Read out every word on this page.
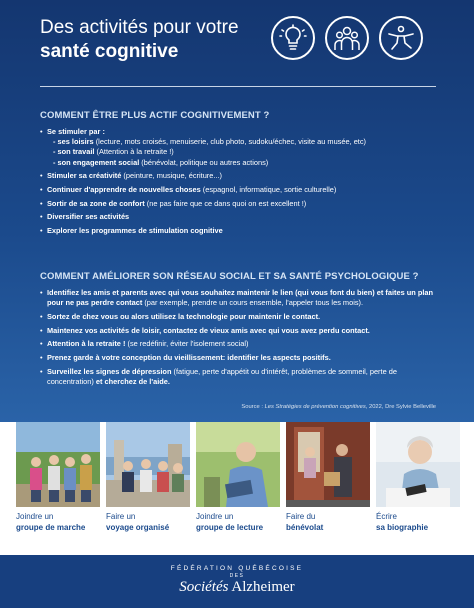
Des activités pour votre
santé cognitive
COMMENT ÊTRE PLUS ACTIF COGNITIVEMENT ?
• Se stimuler par :
- ses loisirs (lecture, mots croisés, menuiserie, club photo, sudoku/échec, visite au musée, etc)
- son travail (Attention à la retraite !)
- son engagement social (bénévolat, politique ou autres actions)
• Stimuler sa créativité (peinture, musique, écriture...)
• Continuer d'apprendre de nouvelles choses (espagnol, informatique, sortie culturelle)
• Sortir de sa zone de confort (ne pas faire que ce dans quoi on est excellent !)
• Diversifier ses activités
• Explorer les programmes de stimulation cognitive
COMMENT AMÉLIORER SON RÉSEAU SOCIAL ET SA SANTÉ PSYCHOLOGIQUE ?
• Identifiez les amis et parents avec qui vous souhaitez maintenir le lien (qui vous font du bien) et faites un plan pour ne pas perdre contact (par exemple, prendre un cours ensemble, l'appeler tous les mois).
• Sortez de chez vous ou alors utilisez la technologie pour maintenir le contact.
• Maintenez vos activités de loisir, contactez de vieux amis avec qui vous avez perdu contact.
• Attention à la retraite ! (se redéfinir, éviter l'isolement social)
• Prenez garde à votre conception du vieillissement: identifier les aspects positifs.
• Surveillez les signes de dépression (fatigue, perte d'appétit ou d'intérêt, problèmes de sommeil, perte de concentration) et cherchez de l'aide.
Source : Les Stratégies de prévention cognitives, 2022, Dre Sylvie Belleville
Joindre un
groupe de marche
Faire un
voyage organisé
Joindre un
groupe de lecture
Faire du
bénévolat
Écrire
sa biographie
FÉDÉRATION QUÉBÉCOISE
DES
Sociétés Alzheimer
